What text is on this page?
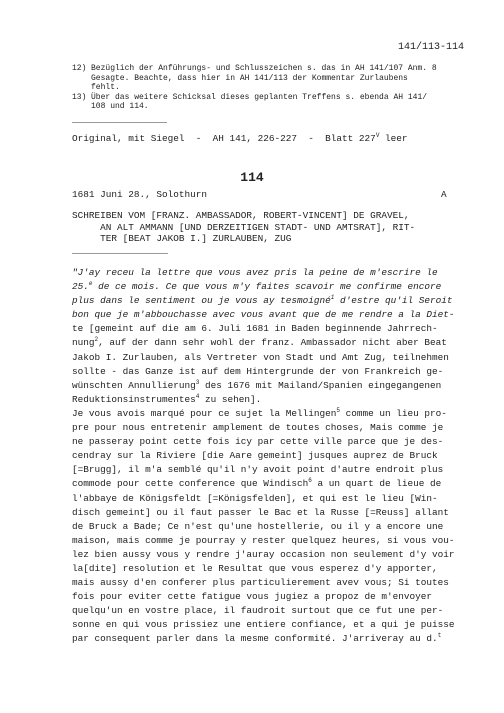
141/113-114
12) Bezüglich der Anführungs- und Schlusszeichen s. das in AH 141/107 Anm. 8
Gesagte. Beachte, dass hier in AH 141/113 der Kommentar Zurlaubens
fehlt.
13) Über das weitere Schicksal dieses geplanten Treffens s. ebenda AH 141/
108 und 114.
Original, mit Siegel  -  AH 141, 226-227  -  Blatt $227^V$ leer
114
1681 Juni 28., Solothurn	A
SCHREIBEN VOM [FRANZ. AMBASSADOR, ROBERT-VINCENT] DE GRAVEL,
AN ALT AMMANN [UND DERZEITIGEN STADT- UND AMTSRAT], RIT-
TER [BEAT JAKOB I.] ZURLAUBEN, ZUG
"J'ay receu la lettre que vous avez pris la peine de m'escrire le
25.$^e$ de ce mois. Ce que vous m'y faites scavoir me confirme encore
plus dans le sentiment ou je vous ay tesmoigné$^1$ d'estre qu'il Seroit
bon que je m'abbouchasse avec vous avant que de me rendre a la Diet-
te [gemeint auf die am 6. Juli 1681 in Baden beginnende Jahrrech-
nung$^2$, auf der dann sehr wohl der franz. Ambassador nicht aber Beat
Jakob I. Zurlauben, als Vertreter von Stadt und Amt Zug, teilnehmen
sollte - das Ganze ist auf dem Hintergrunde der von Frankreich ge-
wünschten Annullierung$^3$ des 1676 mit Mailand/Spanien eingegangenen
Reduktionsinstrumentes$^4$ zu sehen].
Je vous avois marqué pour ce sujet la Mellingen$^5$ comme un lieu pro-
pre pour nous entretenir amplement de toutes choses, Mais comme je
ne passeray point cette fois icy par cette ville parce que je des-
cendray sur la Riviere [die Aare gemeint] jusques auprez de Bruck
[=Brugg], il m'a semblé qu'il n'y avoit point d'autre endroit plus
commode pour cette conference que Windisch$^6$ a un quart de lieue de
l'abbaye de Königsfeldt [=Königsfelden], et qui est le lieu [Win-
disch gemeint] ou il faut passer le Bac et la Russe [=Reuss] allant
de Bruck a Bade; Ce n'est qu'une hostellerie, ou il y a encore une
maison, mais comme je pourray y rester quelquez heures, si vous vou-
lez bien aussy vous y rendre j'auray occasion non seulement d'y voir
la[dite] resolution et le Resultat que vous esperez d'y apporter,
mais aussy d'en conferer plus particulierement avev vous; Si toutes
fois pour eviter cette fatigue vous jugiez a propoz de m'envoyer
quelqu'un en vostre place, il faudroit surtout que ce fut une per-
sonne en qui vous prissiez une entiere confiance, et a qui je puisse
par consequent parler dans la mesme conformité. J'arriveray au d.$^t$
